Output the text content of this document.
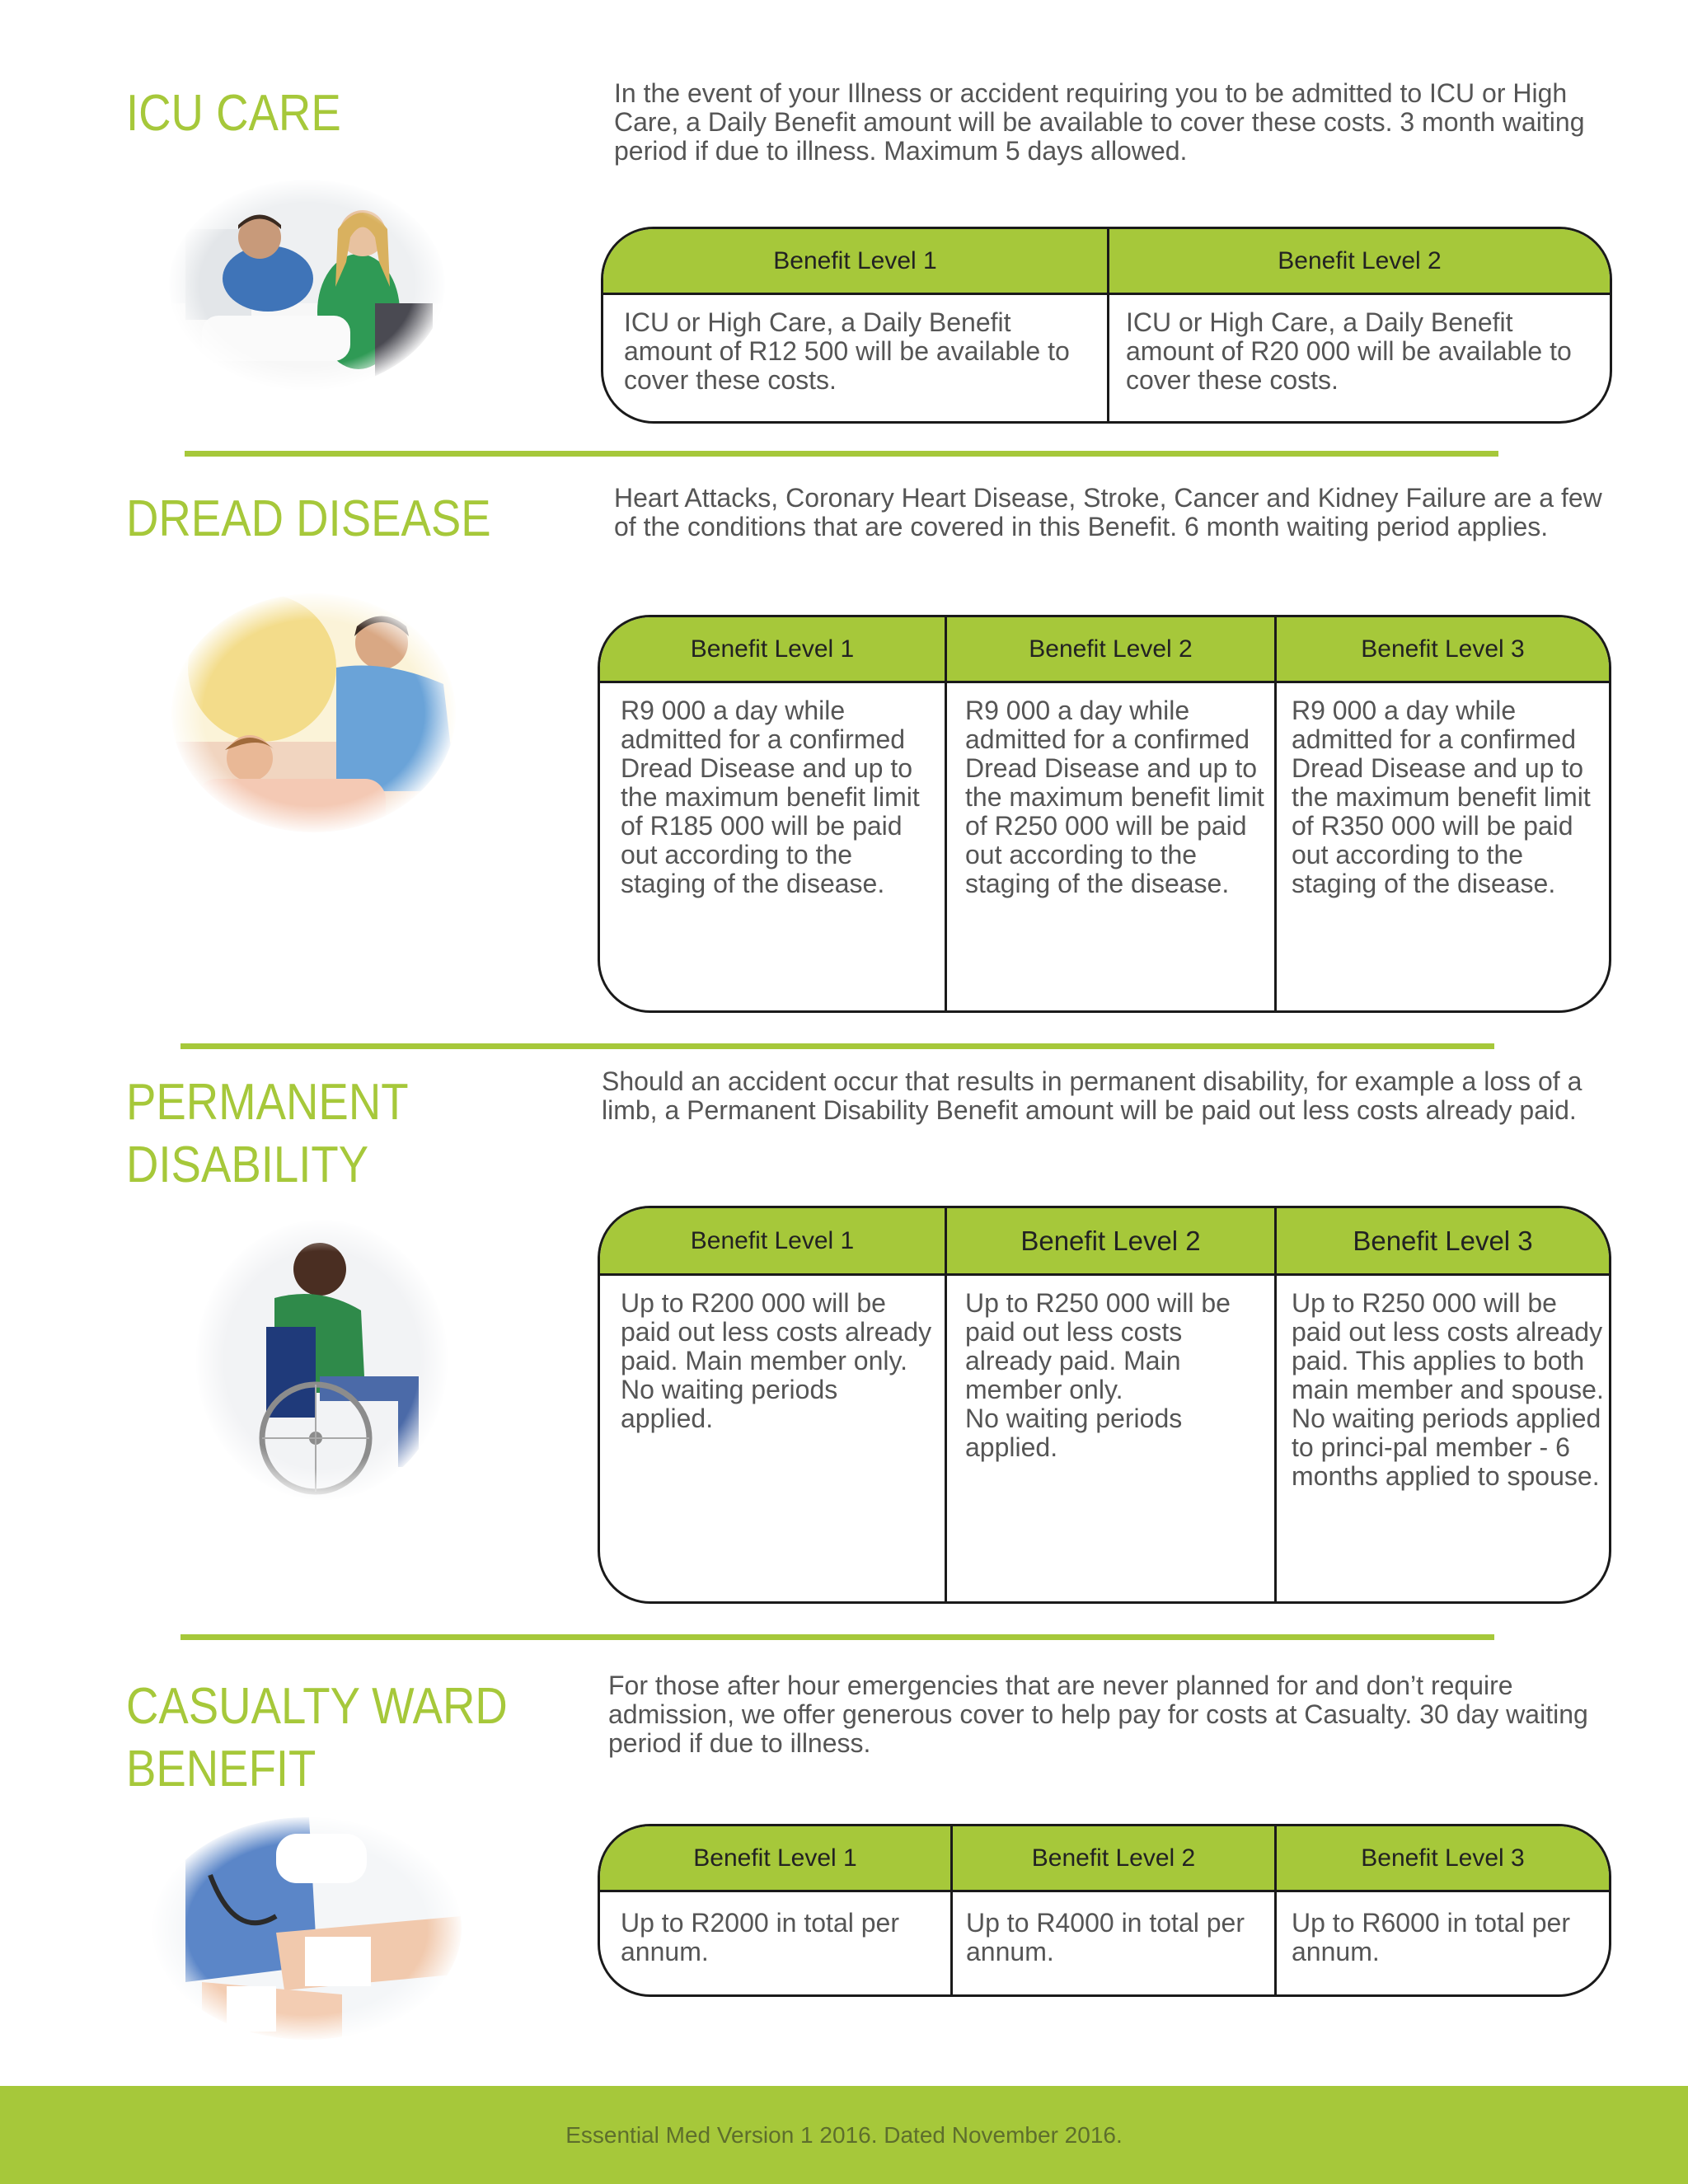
ICU CARE	In the event of your Illness or accident requiring you to be admitted to ICU or High Care, a Daily Benefit amount will be available to cover these costs. 3 month waiting period if due to illness. Maximum 5 days allowed.

Benefit Level 1
ICU or High Care, a Daily Benefit amount of R12 500 will be available to cover these costs.
Benefit Level 2
ICU or High Care, a Daily Benefit amount of R20 000 will be available to cover these costs.
DREAD DISEASE	Heart Attacks, Coronary Heart Disease, Stroke, Cancer and Kidney Failure are a few of the conditions that are covered in this Benefit. 6 month waiting period applies.

Benefit Level 1
R9 000 a day while admitted for a confirmed Dread Disease and up to the maximum benefit limit of R185 000 will be paid out according to the staging of the disease.
Benefit Level 2
R9 000 a day while admitted for a confirmed Dread Disease and up to the maximum benefit limit of R250 000 will be paid out according to the staging of the disease.
Benefit Level 3
R9 000 a day while admitted for a confirmed Dread Disease and up to the maximum benefit limit of R350 000 will be paid out according to the staging of the disease.
PERMANENT
DISABILITY

Should an accident occur that results in permanent disability, for example a loss of a limb, a Permanent Disability Benefit amount will be paid out less costs already paid.

Benefit Level 1
Up to R200 000 will be paid out less costs already paid. Main member only.
No waiting periods applied.
Benefit Level 2
Up to R250 000 will be paid out less costs already paid. Main member only.
No waiting periods applied.
Benefit Level 3
Up to R250 000 will be paid out less costs already paid. This applies to both main member and spouse. No waiting periods applied to princi-pal member - 6 months applied to spouse.
CASUALTY WARD
BENEFIT

For those after hour emergencies that are never planned for and don’t require admission, we offer generous cover to help pay for costs at Casualty. 30 day waiting period if due to illness.

Benefit Level 1
Up to R2000 in total per annum.
Benefit Level 2
Up to R4000 in total per annum.
Benefit Level 3
Up to R6000 in total per annum.
Essential Med Version 1 2016. Dated November 2016.
